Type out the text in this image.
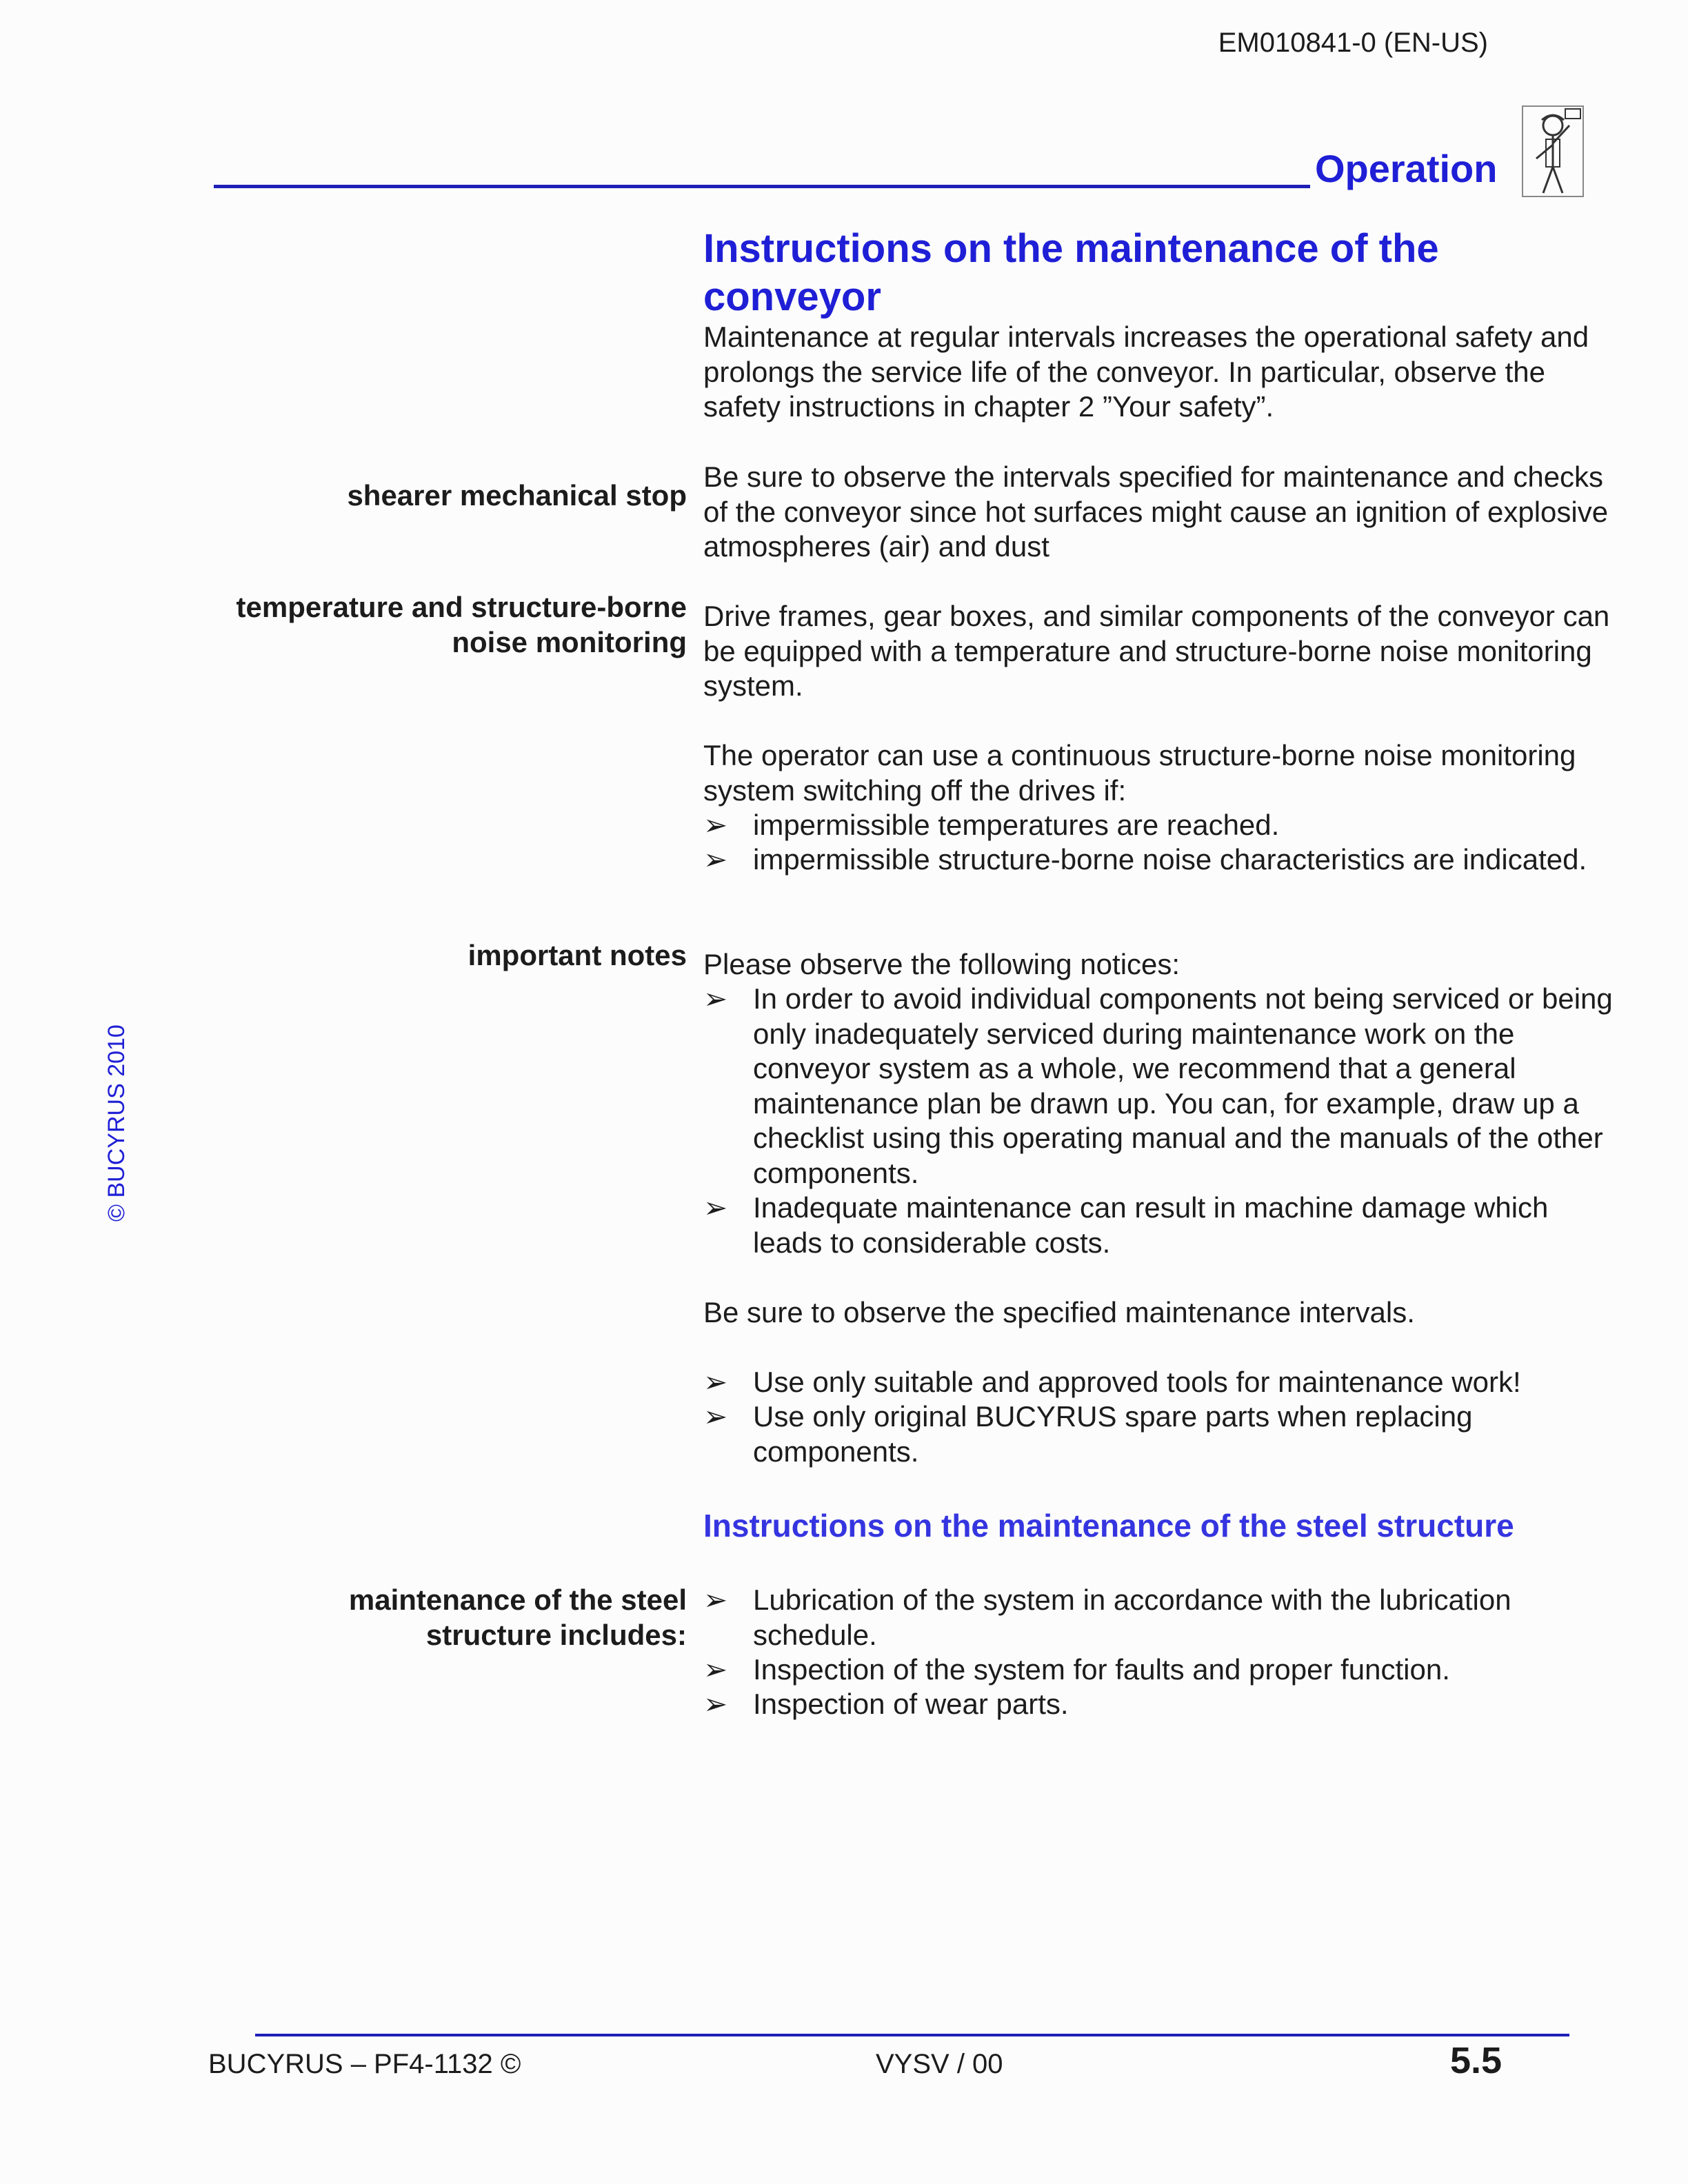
EM010841-0 (EN-US)
Operation
Instructions on the maintenance of the conveyor
Maintenance at regular intervals increases the operational safety and prolongs the service life of the conveyor. In particular, observe the safety instructions in chapter 2 ”Your safety”.
shearer mechanical stop
Be sure to observe the intervals specified for maintenance and checks of the conveyor since hot surfaces might cause an ignition of explosive atmospheres (air) and dust
temperature and structure-borne
noise monitoring
Drive frames, gear boxes, and similar components of the conveyor can be equipped with a temperature and structure-borne noise monitoring system.
The operator can use a continuous structure-borne noise monitoring system switching off the drives if:
➢ impermissible temperatures are reached.
➢ impermissible structure-borne noise characteristics are indicated.
important notes Please observe the following notices:
➢ In order to avoid individual components not being serviced or being only inadequately serviced during maintenance work on the conveyor system as a whole, we recommend that a general maintenance plan be drawn up. You can, for example, draw up a checklist using this operating manual and the manuals of the other components.
➢ Inadequate maintenance can result in machine damage which leads to considerable costs.
Be sure to observe the specified maintenance intervals.
➢ Use only suitable and approved tools for maintenance work!
➢ Use only original BUCYRUS spare parts when replacing components.
Instructions on the maintenance of the steel structure
maintenance of the steel
structure includes:
➢ Lubrication of the system in accordance with the lubrication schedule.
➢ Inspection of the system for faults and proper function.
➢ Inspection of wear parts.
© BUCYRUS 2010
BUCYRUS – PF4-1132 ©	VYSV / 00	5.5
